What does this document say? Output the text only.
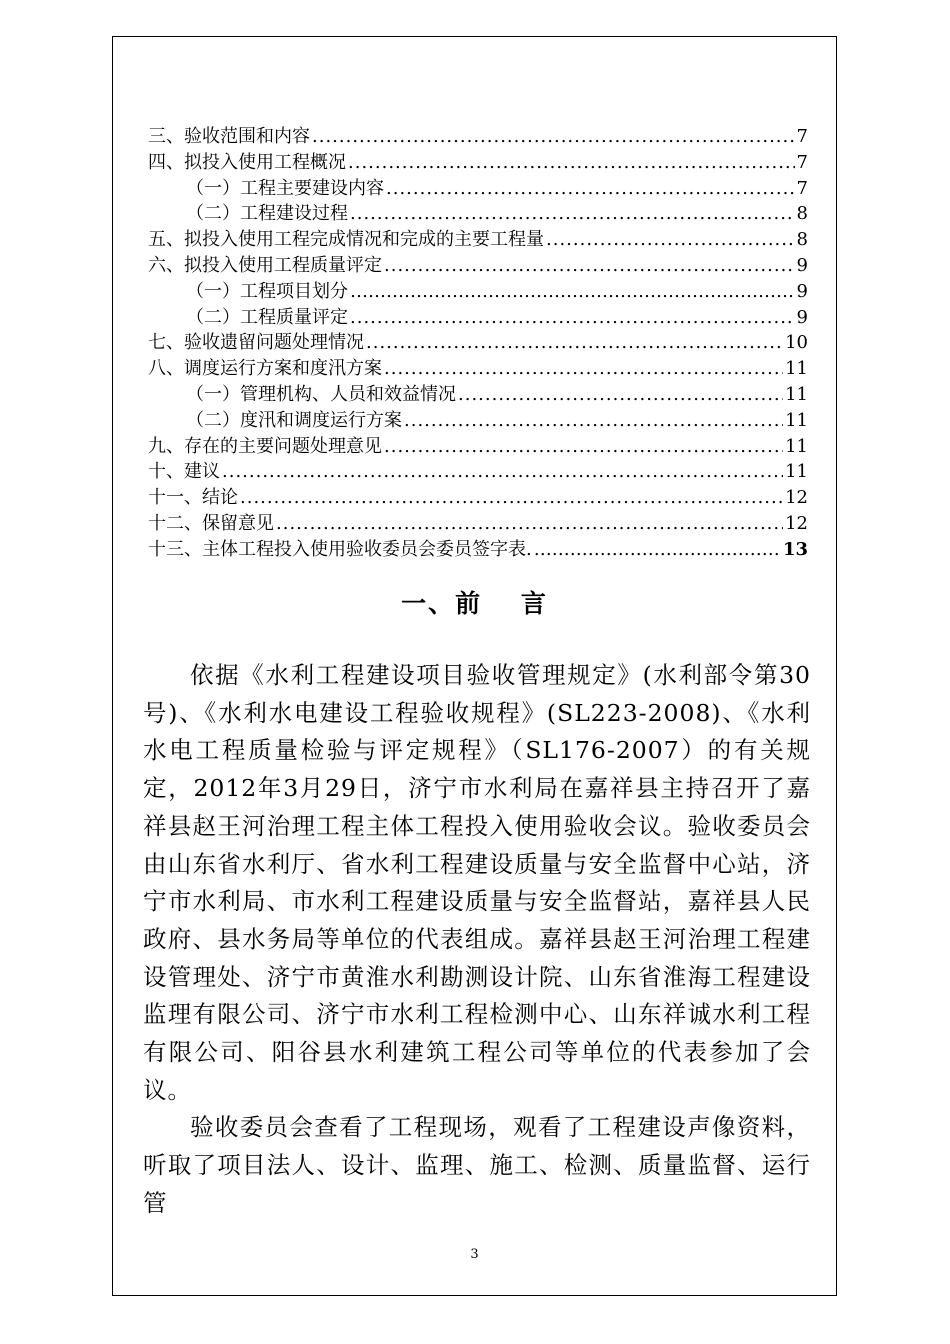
三、验收范围和内容 .....	7
四、拟投入使用工程概况 .....	7
（一）工程主要建设内容 .....	7
（二）工程建设过程 .....	8
五、拟投入使用工程完成情况和完成的主要工程量 .....	8
六、拟投入使用工程质量评定 .....	9
（一）工程项目划分 ……………………………………………………………………………………………………………	9
（二）工程质量评定 .....	9
七、验收遗留问题处理情况 .....	10
八、调度运行方案和度汛方案 .....	11
（一）管理机构、人员和效益情况 .....	11
（二）度汛和调度运行方案 .....	11
九、存在的主要问题处理意见 .....	11
十、建议 .....	11
十一、结论 .....	12
十二、保留意见 .....	12
十三、主体工程投入使用验收委员会委员签字表. ……………………………………………………………………………………………………………	13
一、前 言

依据《水利工程建设项目验收管理规定》(水利部令第30号)、《水利水电建设工程验收规程》(SL223-2008)、《水利水电工程质量检验与评定规程》（SL176-2007）的有关规定，2012年3月29日，济宁市水利局在嘉祥县主持召开了嘉祥县赵王河治理工程主体工程投入使用验收会议。验收委员会由山东省水利厅、省水利工程建设质量与安全监督中心站，济宁市水利局、市水利工程建设质量与安全监督站，嘉祥县人民政府、县水务局等单位的代表组成。嘉祥县赵王河治理工程建设管理处、济宁市黄淮水利勘测设计院、山东省淮海工程建设监理有限公司、济宁市水利工程检测中心、山东祥诚水利工程有限公司、阳谷县水利建筑工程公司等单位的代表参加了会议。

验收委员会查看了工程现场，观看了工程建设声像资料，听取了项目法人、设计、监理、施工、检测、质量监督、运行管

3
